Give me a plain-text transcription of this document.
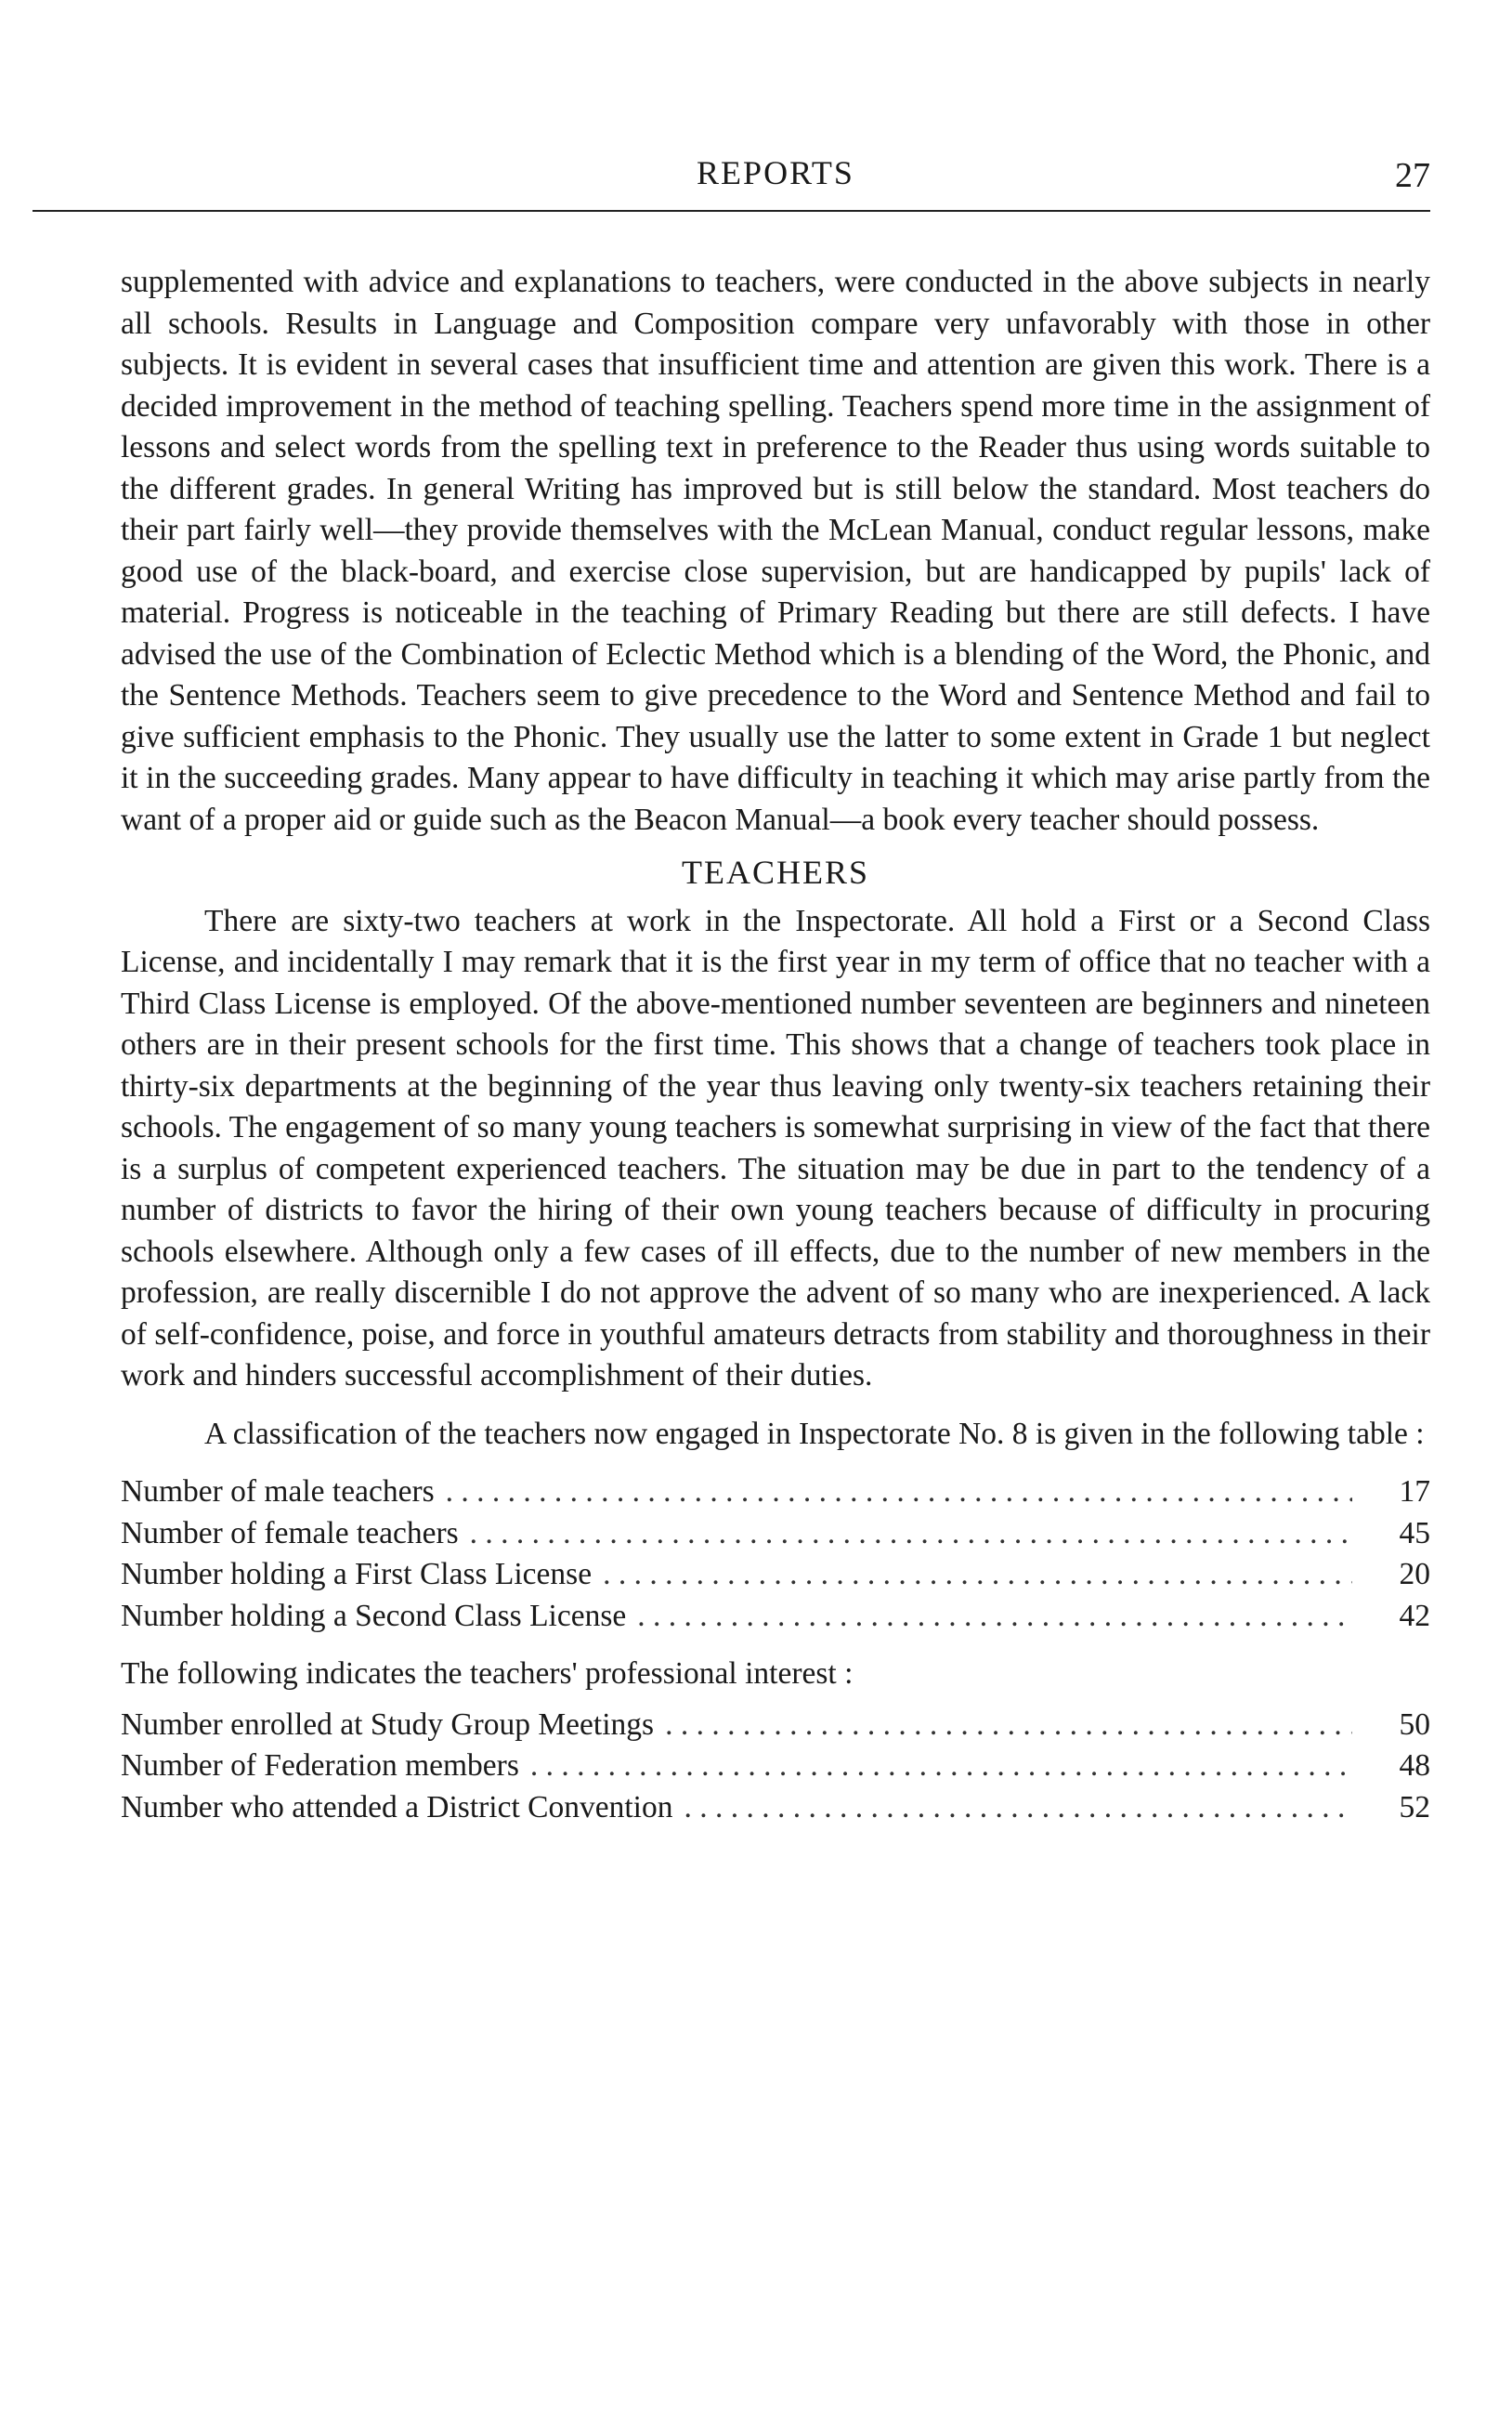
REPORTS	27

supplemented with advice and explanations to teachers, were conducted in the above subjects in nearly all schools. Results in Language and Composition compare very unfavorably with those in other subjects. It is evident in several cases that insufficient time and attention are given this work. There is a decided improvement in the method of teaching spelling. Teachers spend more time in the assignment of lessons and select words from the spelling text in preference to the Reader thus using words suitable to the different grades. In general Writing has improved but is still below the standard. Most teachers do their part fairly well—they provide themselves with the McLean Manual, conduct regular lessons, make good use of the black-board, and exercise close supervision, but are handicapped by pupils' lack of material. Progress is noticeable in the teaching of Primary Reading but there are still defects. I have advised the use of the Combination of Eclectic Method which is a blending of the Word, the Phonic, and the Sentence Methods. Teachers seem to give precedence to the Word and Sentence Method and fail to give sufficient emphasis to the Phonic. They usually use the latter to some extent in Grade 1 but neglect it in the succeeding grades. Many appear to have difficulty in teaching it which may arise partly from the want of a proper aid or guide such as the Beacon Manual—a book every teacher should possess.

TEACHERS

There are sixty-two teachers at work in the Inspectorate. All hold a First or a Second Class License, and incidentally I may remark that it is the first year in my term of office that no teacher with a Third Class License is employed. Of the above-mentioned number seventeen are beginners and nineteen others are in their present schools for the first time. This shows that a change of teachers took place in thirty-six departments at the beginning of the year thus leaving only twenty-six teachers retaining their schools. The engagement of so many young teachers is somewhat surprising in view of the fact that there is a surplus of competent experienced teachers. The situation may be due in part to the tendency of a number of districts to favor the hiring of their own young teachers because of difficulty in procuring schools elsewhere. Although only a few cases of ill effects, due to the number of new members in the profession, are really discernible I do not approve the advent of so many who are inexperienced. A lack of self-confidence, poise, and force in youthful amateurs detracts from stability and thoroughness in their work and hinders successful accomplishment of their duties.

A classification of the teachers now engaged in Inspectorate No. 8 is given in the following table :

Number of male teachers . . .	17
Number of female teachers . . .	45
Number holding a First Class License . . .	20
Number holding a Second Class License . . .	42

The following indicates the teachers' professional interest :

Number enrolled at Study Group Meetings . . .	50
Number of Federation members . . .	48
Number who attended a District Convention . . .	52
